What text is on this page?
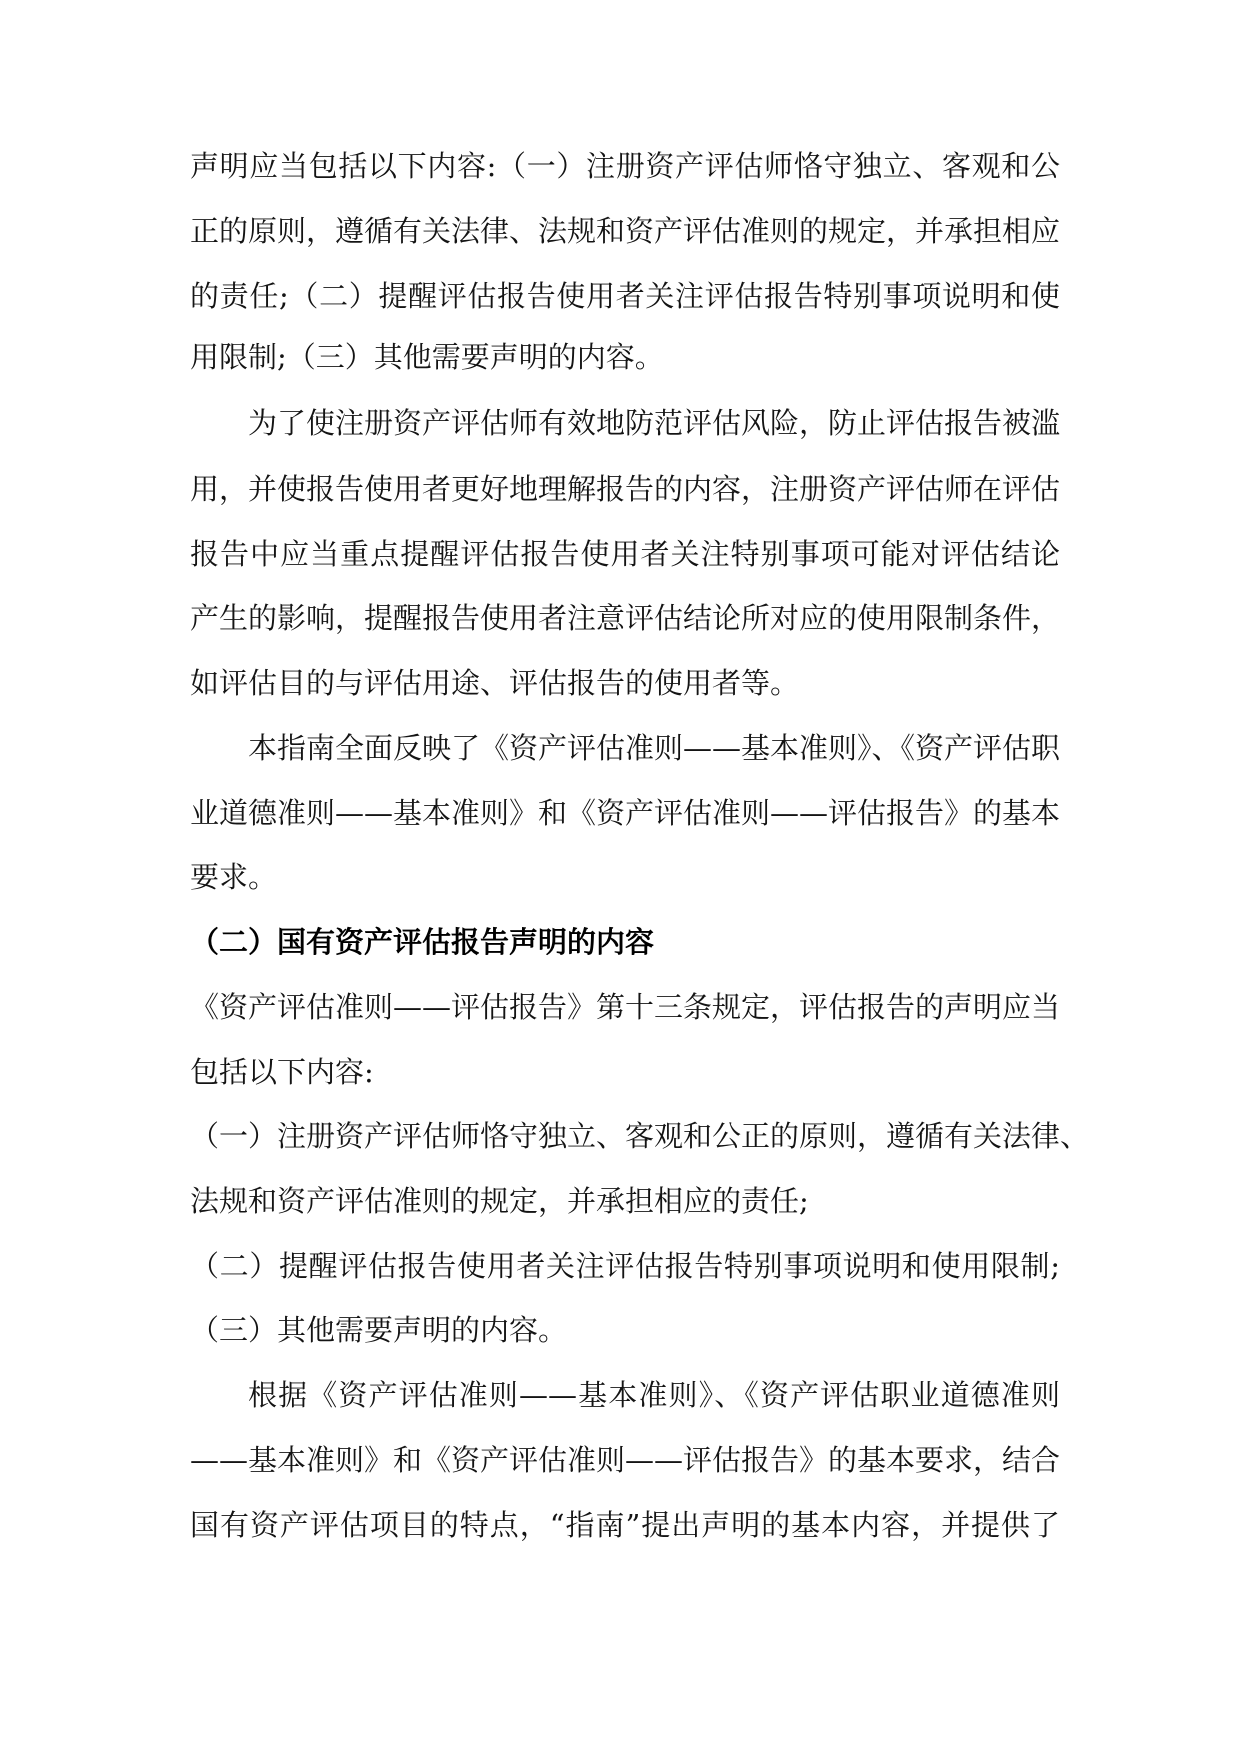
声明应当包括以下内容:（一）注册资产评估师恪守独立、客观和公
正的原则，遵循有关法律、法规和资产评估准则的规定，并承担相应
的责任;（二）提醒评估报告使用者关注评估报告特别事项说明和使
用限制;（三）其他需要声明的内容。
为了使注册资产评估师有效地防范评估风险，防止评估报告被滥
用，并使报告使用者更好地理解报告的内容，注册资产评估师在评估
报告中应当重点提醒评估报告使用者关注特别事项可能对评估结论
产生的影响，提醒报告使用者注意评估结论所对应的使用限制条件，
如评估目的与评估用途、评估报告的使用者等。
本指南全面反映了《资产评估准则——基本准则》、《资产评估职
业道德准则——基本准则》和《资产评估准则——评估报告》的基本
要求。
（二）国有资产评估报告声明的内容
《资产评估准则——评估报告》第十三条规定，评估报告的声明应当
包括以下内容:
（一）注册资产评估师恪守独立、客观和公正的原则，遵循有关法律、
法规和资产评估准则的规定，并承担相应的责任;
（二）提醒评估报告使用者关注评估报告特别事项说明和使用限制;
（三）其他需要声明的内容。
根据《资产评估准则——基本准则》、《资产评估职业道德准则
——基本准则》和《资产评估准则——评估报告》的基本要求，结合
国有资产评估项目的特点，“指南”提出声明的基本内容，并提供了
